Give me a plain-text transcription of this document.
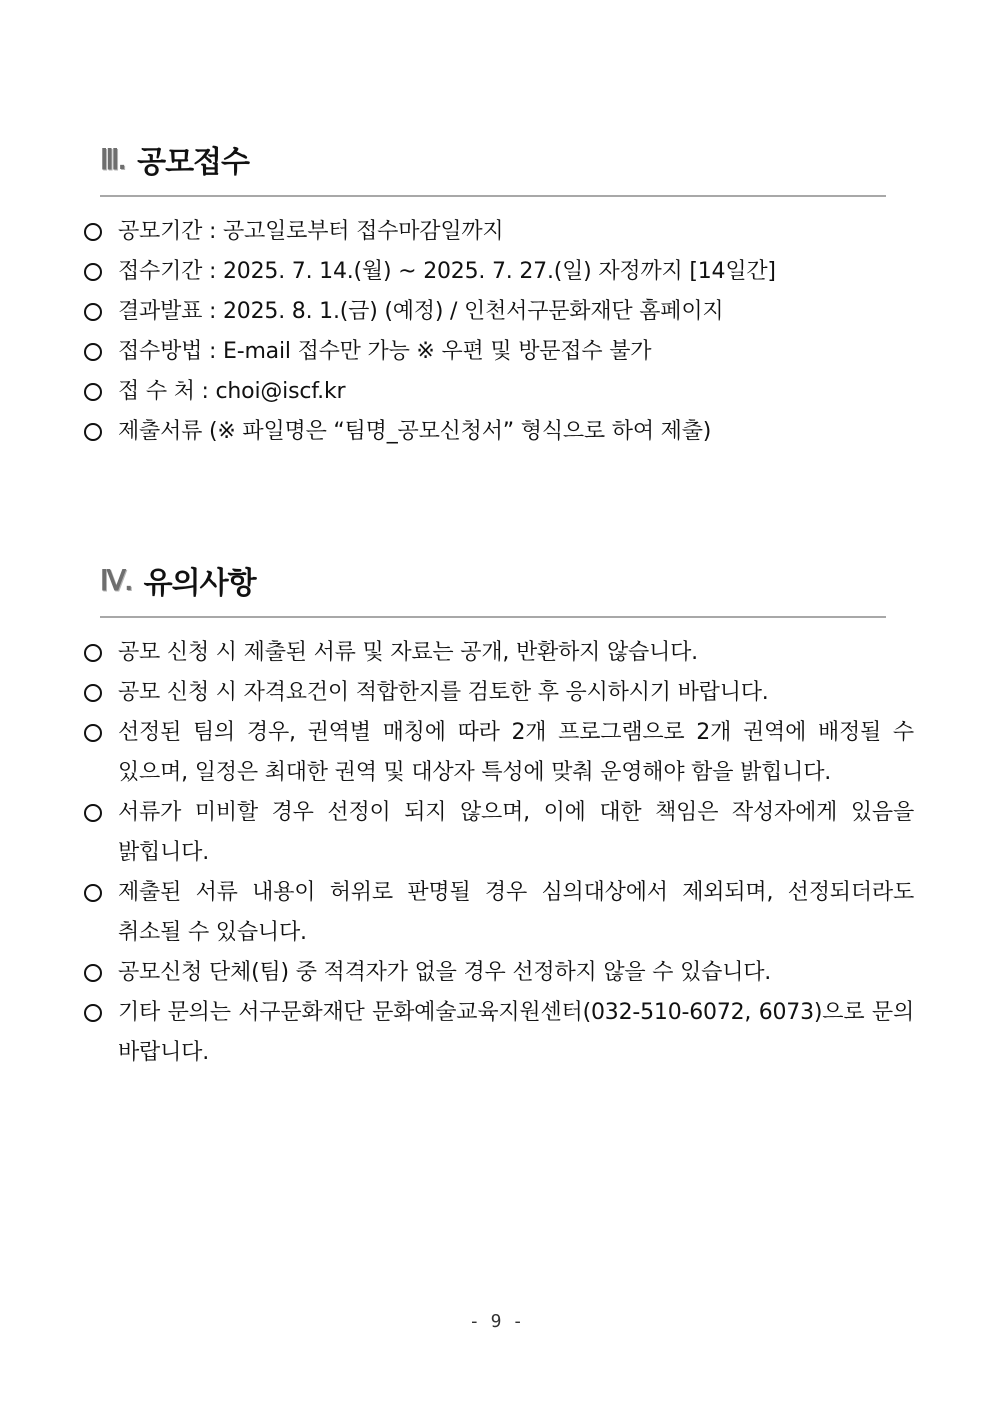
Ⅲ. 공모접수
공모기간 : 공고일로부터 접수마감일까지
접수기간 : 2025. 7. 14.(월) ~ 2025. 7. 27.(일) 자정까지 [14일간]
결과발표 : 2025. 8. 1.(금) (예정) / 인천서구문화재단 홈페이지
접수방법 : E-mail 접수만 가능 ※ 우편 및 방문접수 불가
접 수 처 : choi@iscf.kr
제출서류 (※ 파일명은 “팀명_공모신청서” 형식으로 하여 제출)
Ⅳ. 유의사항
공모 신청 시 제출된 서류 및 자료는 공개, 반환하지 않습니다.
공모 신청 시 자격요건이 적합한지를 검토한 후 응시하시기 바랍니다.
선정된 팀의 경우, 권역별 매칭에 따라 2개 프로그램으로 2개 권역에 배정될 수 있으며, 일정은 최대한 권역 및 대상자 특성에 맞춰 운영해야 함을 밝힙니다.
서류가 미비할 경우 선정이 되지 않으며, 이에 대한 책임은 작성자에게 있음을 밝힙니다.
제출된 서류 내용이 허위로 판명될 경우 심의대상에서 제외되며, 선정되더라도 취소될 수 있습니다.
공모신청 단체(팀) 중 적격자가 없을 경우 선정하지 않을 수 있습니다.
기타 문의는 서구문화재단 문화예술교육지원센터(032-510-6072, 6073)으로 문의 바랍니다.
- 9 -
